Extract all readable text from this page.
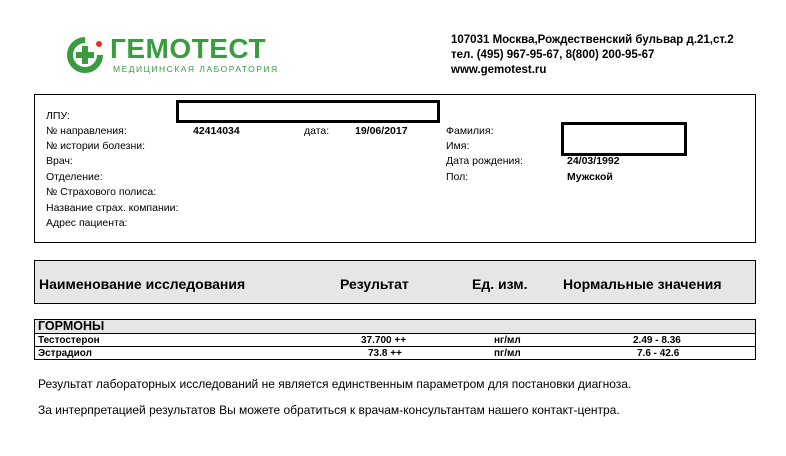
ГЕМОТЕСТ
МЕДИЦИНСКАЯ ЛАБОРАТОРИЯ
107031 Москва,Рождественский бульвар д.21,ст.2
тел. (495) 967-95-67, 8(800) 200-95-67
www.gemotest.ru
ЛПУ:
№ направления:	42414034	дата: 19/06/2017
№ истории болезни:
Врач:
Отделение:
№ Страхового полиса:
Название страх. компании:
Адрес пациента:
Фамилия:
Имя:
Дата рождения:	24/03/1992
Пол:	Мужской
Наименование исследования	Результат	Ед. изм.	Нормальные значения
ГОРМОНЫ
Тестостерон	37.700 ++	нг/мл	2.49 - 8.36
Эстрадиол	73.8 ++	пг/мл	7.6 - 42.6
Результат лабораторных исследований не является единственным параметром для постановки диагноза.
За интерпретацией результатов Вы можете обратиться к врачам-консультантам нашего контакт-центра.
